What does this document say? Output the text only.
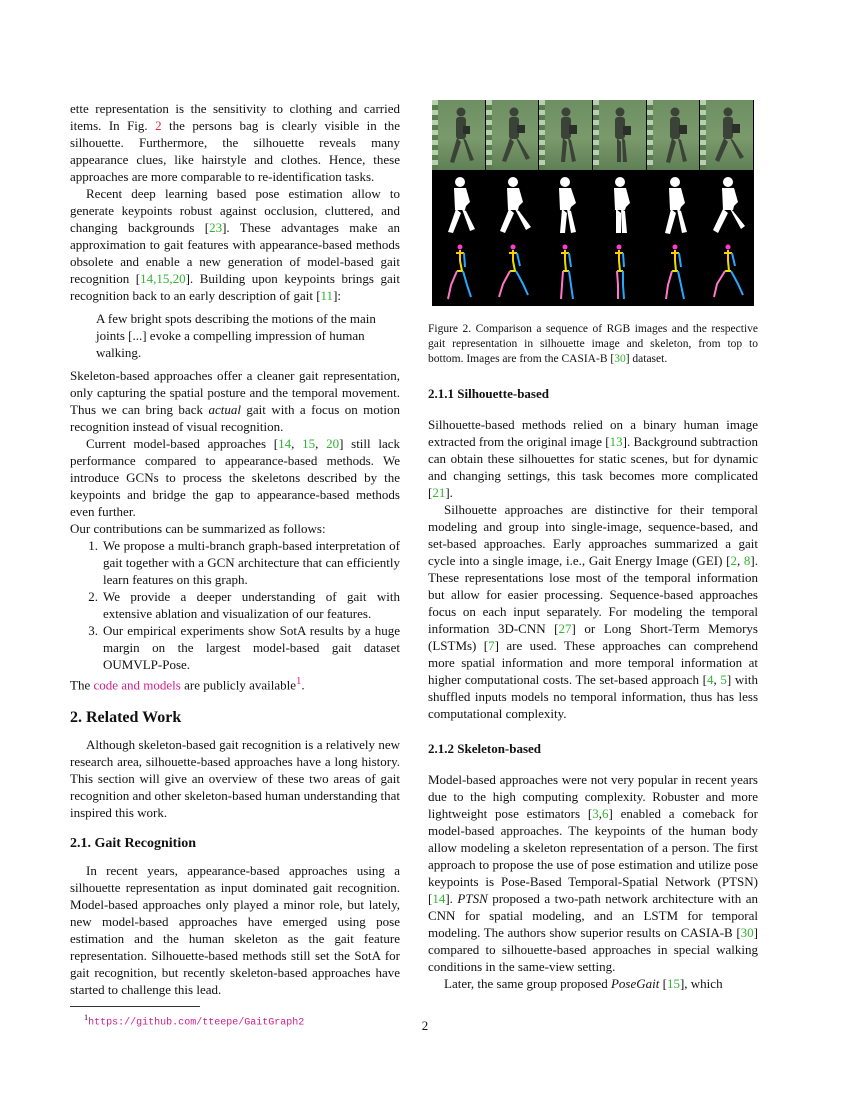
ette representation is the sensitivity to clothing and carried items. In Fig. 2 the persons bag is clearly visible in the silhouette. Furthermore, the silhouette reveals many appearance clues, like hairstyle and clothes. Hence, these approaches are more comparable to re-identification tasks.

Recent deep learning based pose estimation allow to generate keypoints robust against occlusion, cluttered, and changing backgrounds [23]. These advantages make an approximation to gait features with appearance-based methods obsolete and enable a new generation of model-based gait recognition [14,15,20]. Building upon keypoints brings gait recognition back to an early description of gait [11]:

A few bright spots describing the motions of the main joints [...] evoke a compelling impression of human walking.

Skeleton-based approaches offer a cleaner gait representation, only capturing the spatial posture and the temporal movement. Thus we can bring back actual gait with a focus on motion recognition instead of visual recognition.

Current model-based approaches [14, 15, 20] still lack performance compared to appearance-based methods. We introduce GCNs to process the skeletons described by the keypoints and bridge the gap to appearance-based methods even further.

Our contributions can be summarized as follows:

1. We propose a multi-branch graph-based interpretation of gait together with a GCN architecture that can efficiently learn features on this graph.
2. We provide a deeper understanding of gait with extensive ablation and visualization of our features.
3. Our empirical experiments show SotA results by a huge margin on the largest model-based gait dataset OUMVLP-Pose.

The code and models are publicly available$^1$.

2. Related Work

Although skeleton-based gait recognition is a relatively new research area, silhouette-based approaches have a long history. This section will give an overview of these two areas of gait recognition and other skeleton-based human understanding that inspired this work.

2.1. Gait Recognition

In recent years, appearance-based approaches using a silhouette representation as input dominated gait recognition. Model-based approaches only played a minor role, but lately, new model-based approaches have emerged using pose estimation and the human skeleton as the gait feature representation. Silhouette-based methods still set the SotA for gait recognition, but recently skeleton-based approaches have started to challenge this lead.

$^1$https://github.com/tteepe/GaitGraph2

Figure 2. Comparison a sequence of RGB images and the respective gait representation in silhouette image and skeleton, from top to bottom. Images are from the CASIA-B [30] dataset.

2.1.1 Silhouette-based

Silhouette-based methods relied on a binary human image extracted from the original image [13]. Background subtraction can obtain these silhouettes for static scenes, but for dynamic and changing settings, this task becomes more complicated [21].

Silhouette approaches are distinctive for their temporal modeling and group into single-image, sequence-based, and set-based approaches. Early approaches summarized a gait cycle into a single image, i.e., Gait Energy Image (GEI) [2, 8]. These representations lose most of the temporal information but allow for easier processing. Sequence-based approaches focus on each input separately. For modeling the temporal information 3D-CNN [27] or Long Short-Term Memorys (LSTMs) [7] are used. These approaches can comprehend more spatial information and more temporal information at higher computational costs. The set-based approach [4, 5] with shuffled inputs models no temporal information, thus has less computational complexity.

2.1.2 Skeleton-based

Model-based approaches were not very popular in recent years due to the high computing complexity. Robuster and more lightweight pose estimators [3,6] enabled a comeback for model-based approaches. The keypoints of the human body allow modeling a skeleton representation of a person. The first approach to propose the use of pose estimation and utilize pose keypoints is Pose-Based Temporal-Spatial Network (PTSN) [14]. PTSN proposed a two-path network architecture with an CNN for spatial modeling, and an LSTM for temporal modeling. The authors show superior results on CASIA-B [30] compared to silhouette-based approaches in special walking conditions in the same-view setting.

Later, the same group proposed PoseGait [15], which

2
